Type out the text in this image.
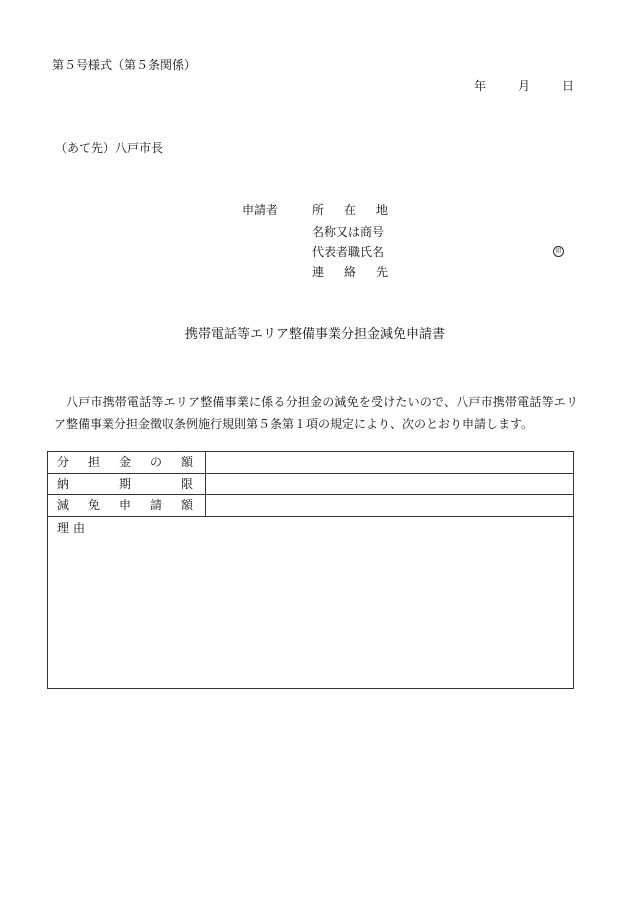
第５号様式（第５条関係）
年	月	日
（あて先）八戸市長
申請者	所 在 地
名称又は商号
代表者職氏名
連 絡 先
印
携帯電話等エリア整備事業分担金減免申請書
八戸市携帯電話等エリア整備事業に係る分担金の減免を受けたいので、八戸市携帯電話等エリア整備事業分担金徴収条例施行規則第５条第１項の規定により、次のとおり申請します。
分 担 金 の 額
納	期	限
減 免 申 請 額
理 由
